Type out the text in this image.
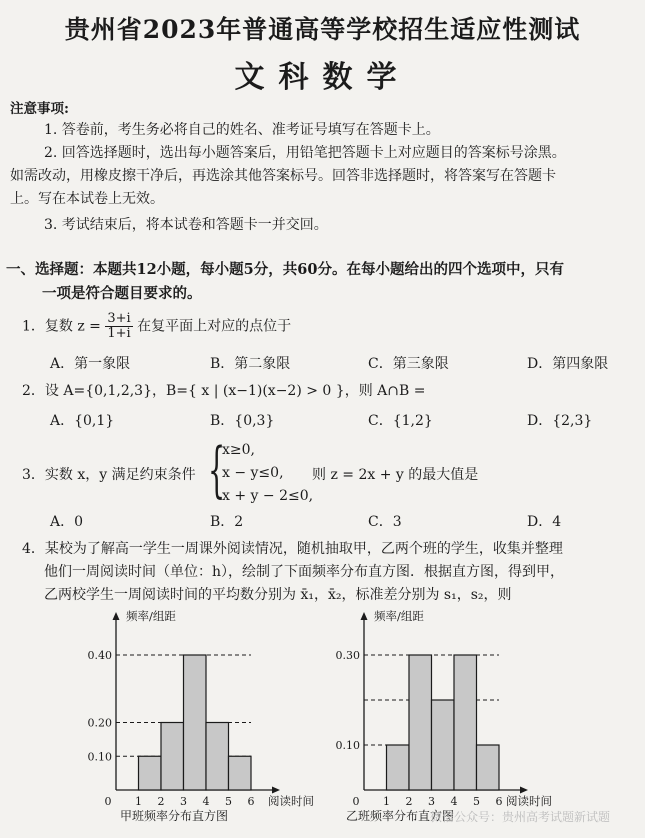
贵州省2023年普通高等学校招生适应性测试
文科数学
注意事项:
1. 答卷前，考生务必将自己的姓名、准考证号填写在答题卡上。
2. 回答选择题时，选出每小题答案后，用铅笔把答题卡上对应题目的答案标号涂黑。
如需改动，用橡皮擦干净后，再选涂其他答案标号。回答非选择题时，将答案写在答题卡
上。写在本试卷上无效。
3. 考试结束后，将本试卷和答题卡一并交回。
一、选择题：本题共12小题，每小题5分，共60分。在每小题给出的四个选项中，只有
一项是符合题目要求的。
1．复数 $z = \frac{3+i}{1+i}$ 在复平面上对应的点位于
A．第一象限	B．第二象限	C．第三象限	D．第四象限
2．设 A={0,1,2,3}，B={ x | (x−1)(x−2) > 0 }，则 A∩B =
A．{0,1}	B．{0,3}	C．{1,2}	D．{2,3}
3．实数 x，y 满足约束条件 {
x≥0,
x − y≤0,
x + y − 2≤0,
则 z = 2x + y 的最大值是
A．0	B．2	C．3	D．4
4．某校为了解高一学生一周课外阅读情况，随机抽取甲，乙两个班的学生，收集并整理
他们一周阅读时间（单位：h），绘制了下面频率分布直方图．根据直方图，得到甲，
乙两校学生一周阅读时间的平均数分别为 x̄₁，x̄₂，标准差分别为 s₁，s₂，则
0.10
0.20
0.40
0 1 2 3 4 5 6
频率/组距
阅读时间
甲班频率分布直方图
0.10
0.30
0 1 2 3 4 5 6
频率/组距
阅读时间
乙班频率分布直方图
微信公众号：贵州高考试题新试题
